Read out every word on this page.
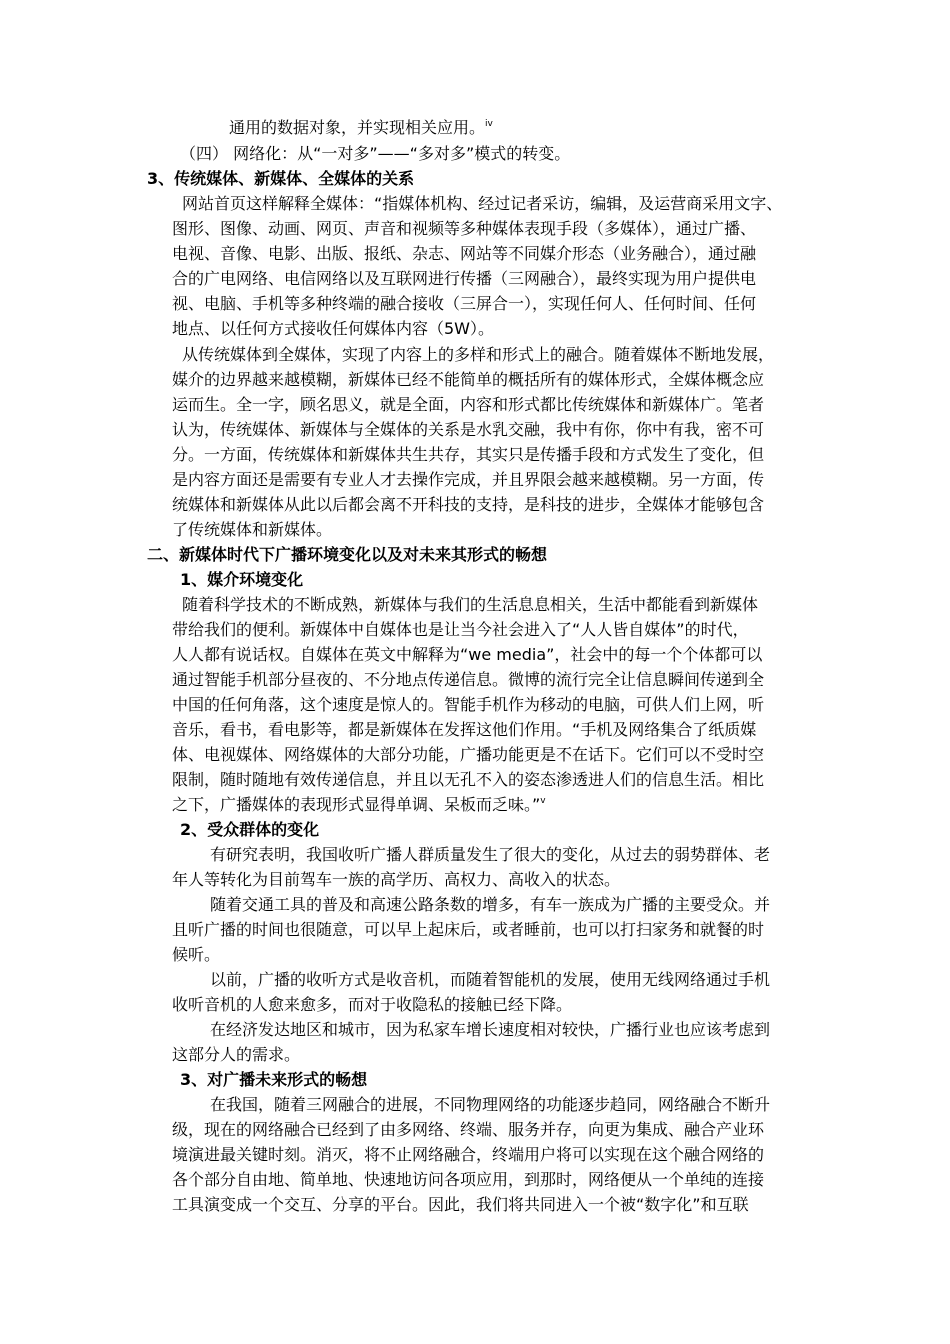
通用的数据对象，并实现相关应用。$^{iv}$
（四） 网络化：从“一对多”——“多对多”模式的转变。
3、传统媒体、新媒体、全媒体的关系
网站首页这样解释全媒体：“指媒体机构、经过记者采访，编辑，及运营商采用文字、
图形、图像、动画、网页、声音和视频等多种媒体表现手段（多媒体），通过广播、
电视、音像、电影、出版、报纸、杂志、网站等不同媒介形态（业务融合），通过融
合的广电网络、电信网络以及互联网进行传播（三网融合），最终实现为用户提供电
视、电脑、手机等多种终端的融合接收（三屏合一），实现任何人、任何时间、任何
地点、以任何方式接收任何媒体内容（5W）。
从传统媒体到全媒体，实现了内容上的多样和形式上的融合。随着媒体不断地发展，
媒介的边界越来越模糊，新媒体已经不能简单的概括所有的媒体形式，全媒体概念应
运而生。全一字，顾名思义，就是全面，内容和形式都比传统媒体和新媒体广。笔者
认为，传统媒体、新媒体与全媒体的关系是水乳交融，我中有你，你中有我，密不可
分。一方面，传统媒体和新媒体共生共存，其实只是传播手段和方式发生了变化，但
是内容方面还是需要有专业人才去操作完成，并且界限会越来越模糊。另一方面，传
统媒体和新媒体从此以后都会离不开科技的支持，是科技的进步，全媒体才能够包含
了传统媒体和新媒体。
二、新媒体时代下广播环境变化以及对未来其形式的畅想
1、媒介环境变化
随着科学技术的不断成熟，新媒体与我们的生活息息相关，生活中都能看到新媒体
带给我们的便利。新媒体中自媒体也是让当今社会进入了“人人皆自媒体”的时代，
人人都有说话权。自媒体在英文中解释为“we media”，社会中的每一个个体都可以
通过智能手机部分昼夜的、不分地点传递信息。微博的流行完全让信息瞬间传递到全
中国的任何角落，这个速度是惊人的。智能手机作为移动的电脑，可供人们上网，听
音乐，看书，看电影等，都是新媒体在发挥这他们作用。“手机及网络集合了纸质媒
体、电视媒体、网络媒体的大部分功能，广播功能更是不在话下。它们可以不受时空
限制，随时随地有效传递信息，并且以无孔不入的姿态渗透进人们的信息生活。相比
之下，广播媒体的表现形式显得单调、呆板而乏味。”$^v$
2、受众群体的变化
有研究表明，我国收听广播人群质量发生了很大的变化，从过去的弱势群体、老
年人等转化为目前驾车一族的高学历、高权力、高收入的状态。
随着交通工具的普及和高速公路条数的增多，有车一族成为广播的主要受众。并
且听广播的时间也很随意，可以早上起床后，或者睡前，也可以打扫家务和就餐的时
候听。
以前，广播的收听方式是收音机，而随着智能机的发展，使用无线网络通过手机
收听音机的人愈来愈多，而对于收隐私的接触已经下降。
在经济发达地区和城市，因为私家车增长速度相对较快，广播行业也应该考虑到
这部分人的需求。
3、对广播未来形式的畅想
在我国，随着三网融合的进展，不同物理网络的功能逐步趋同，网络融合不断升
级，现在的网络融合已经到了由多网络、终端、服务并存，向更为集成、融合产业环
境演进最关键时刻。消灭，将不止网络融合，终端用户将可以实现在这个融合网络的
各个部分自由地、简单地、快速地访问各项应用，到那时，网络便从一个单纯的连接
工具演变成一个交互、分享的平台。因此，我们将共同进入一个被“数字化”和互联
